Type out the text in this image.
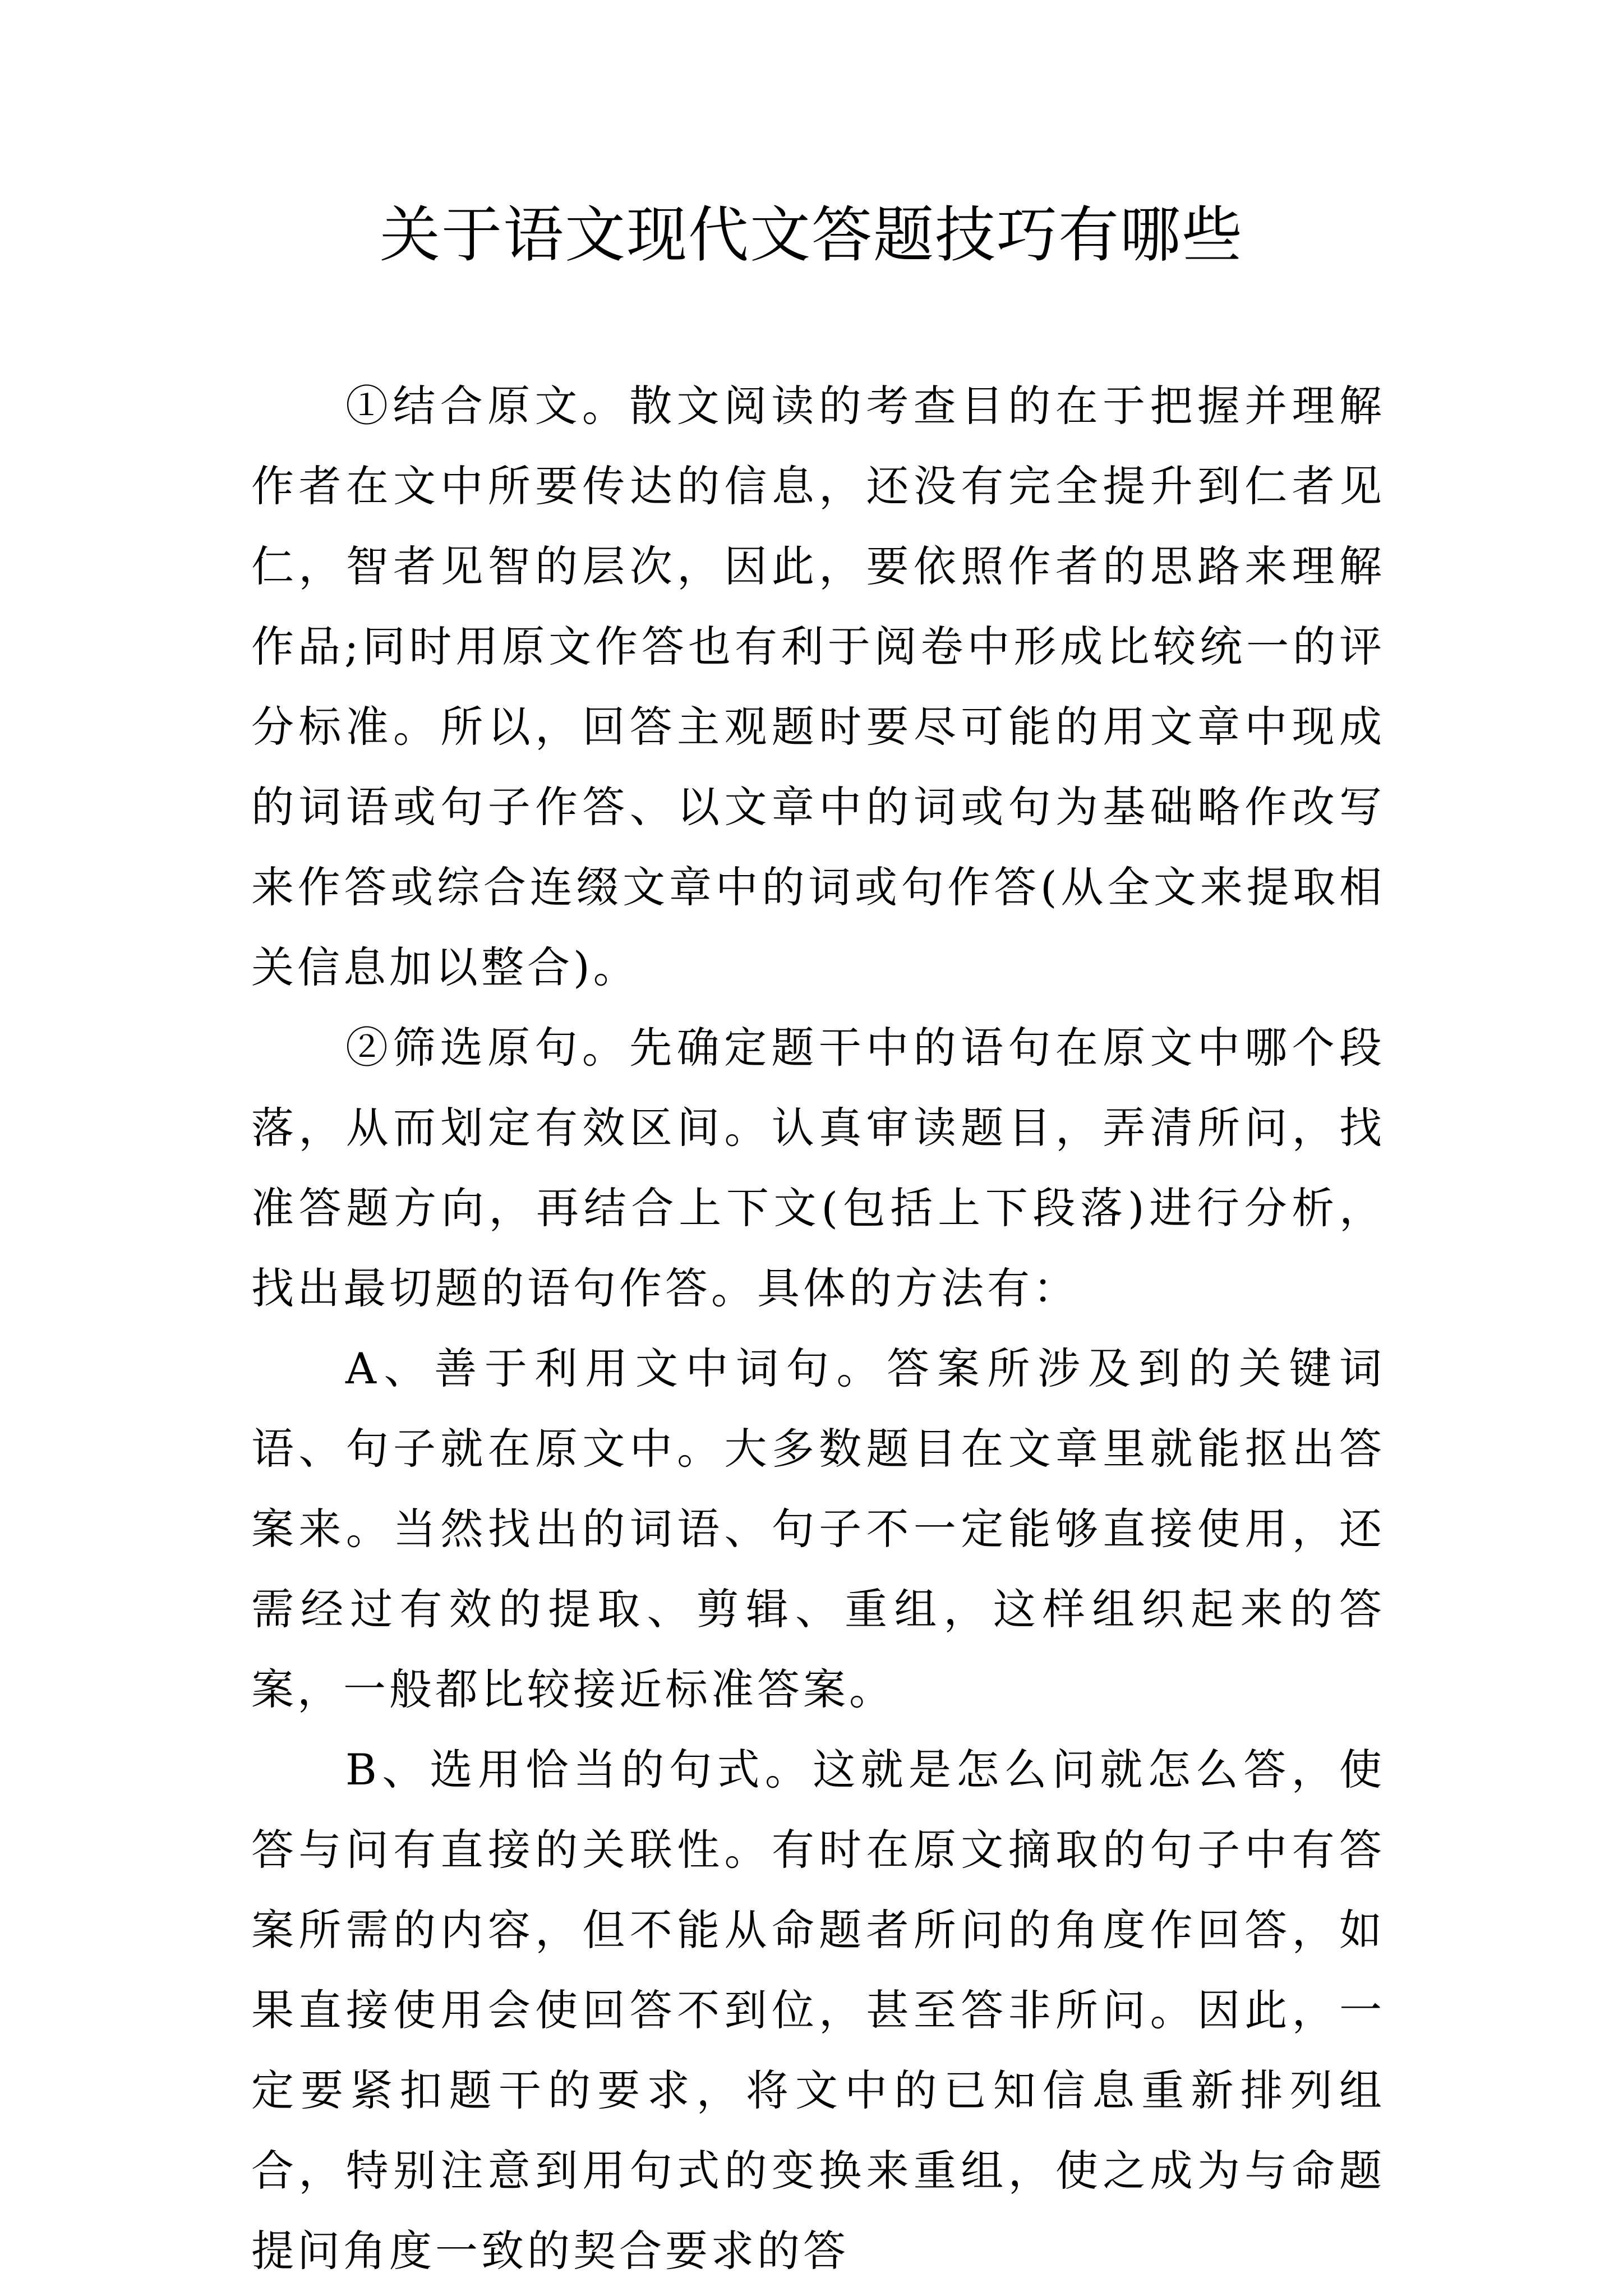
关于语文现代文答题技巧有哪些

①结合原文。散文阅读的考查目的在于把握并理解作者在文中所要传达的信息，还没有完全提升到仁者见仁，智者见智的层次，因此，要依照作者的思路来理解作品;同时用原文作答也有利于阅卷中形成比较统一的评分标准。所以，回答主观题时要尽可能的用文章中现成的词语或句子作答、以文章中的词或句为基础略作改写来作答或综合连缀文章中的词或句作答(从全文来提取相关信息加以整合)。

②筛选原句。先确定题干中的语句在原文中哪个段落，从而划定有效区间。认真审读题目，弄清所问，找准答题方向，再结合上下文(包括上下段落)进行分析，找出最切题的语句作答。具体的方法有：

A、善于利用文中词句。答案所涉及到的关键词语、句子就在原文中。大多数题目在文章里就能抠出答案来。当然找出的词语、句子不一定能够直接使用，还需经过有效的提取、剪辑、重组，这样组织起来的答案，一般都比较接近标准答案。

B、选用恰当的句式。这就是怎么问就怎么答，使答与问有直接的关联性。有时在原文摘取的句子中有答案所需的内容，但不能从命题者所问的角度作回答，如果直接使用会使回答不到位，甚至答非所问。因此，一定要紧扣题干的要求，将文中的已知信息重新排列组合，特别注意到用句式的变换来重组，使之成为与命题提问角度一致的契合要求的答
